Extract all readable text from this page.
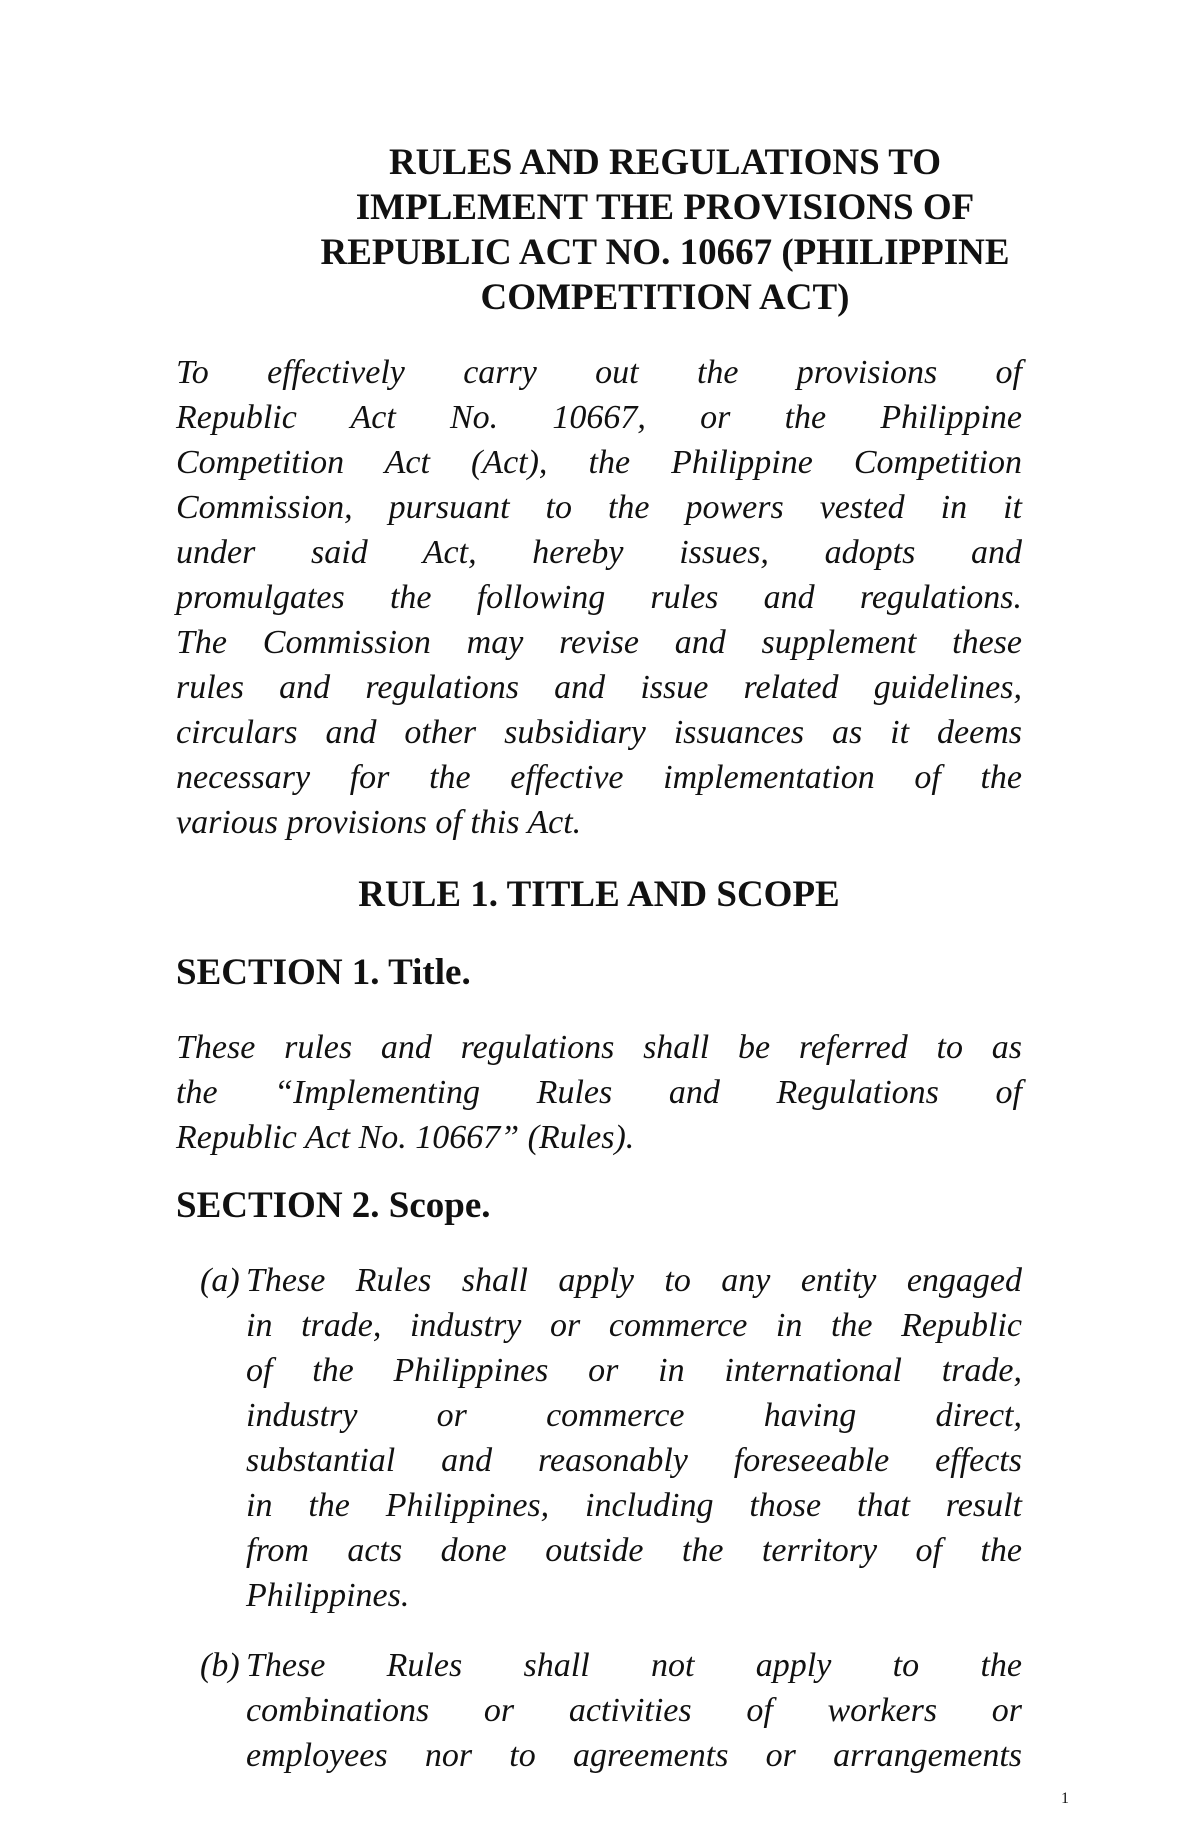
RULES AND REGULATIONS TO
IMPLEMENT THE PROVISIONS OF
REPUBLIC ACT NO. 10667 (PHILIPPINE
COMPETITION ACT)
To effectively carry out the provisions of
Republic Act No. 10667, or the Philippine
Competition Act (Act), the Philippine Competition
Commission, pursuant to the powers vested in it
under said Act, hereby issues, adopts and
promulgates the following rules and regulations.
The Commission may revise and supplement these
rules and regulations and issue related guidelines,
circulars and other subsidiary issuances as it deems
necessary for the effective implementation of the
various provisions of this Act.
RULE 1. TITLE AND SCOPE
SECTION 1. Title.
These rules and regulations shall be referred to as
the “Implementing Rules and Regulations of
Republic Act No. 10667” (Rules).
SECTION 2. Scope.
(a) These Rules shall apply to any entity engaged
in trade, industry or commerce in the Republic
of the Philippines or in international trade,
industry or commerce having direct,
substantial and reasonably foreseeable effects
in the Philippines, including those that result
from acts done outside the territory of the
Philippines.
(b) These Rules shall not apply to the
combinations or activities of workers or
employees nor to agreements or arrangements
1
